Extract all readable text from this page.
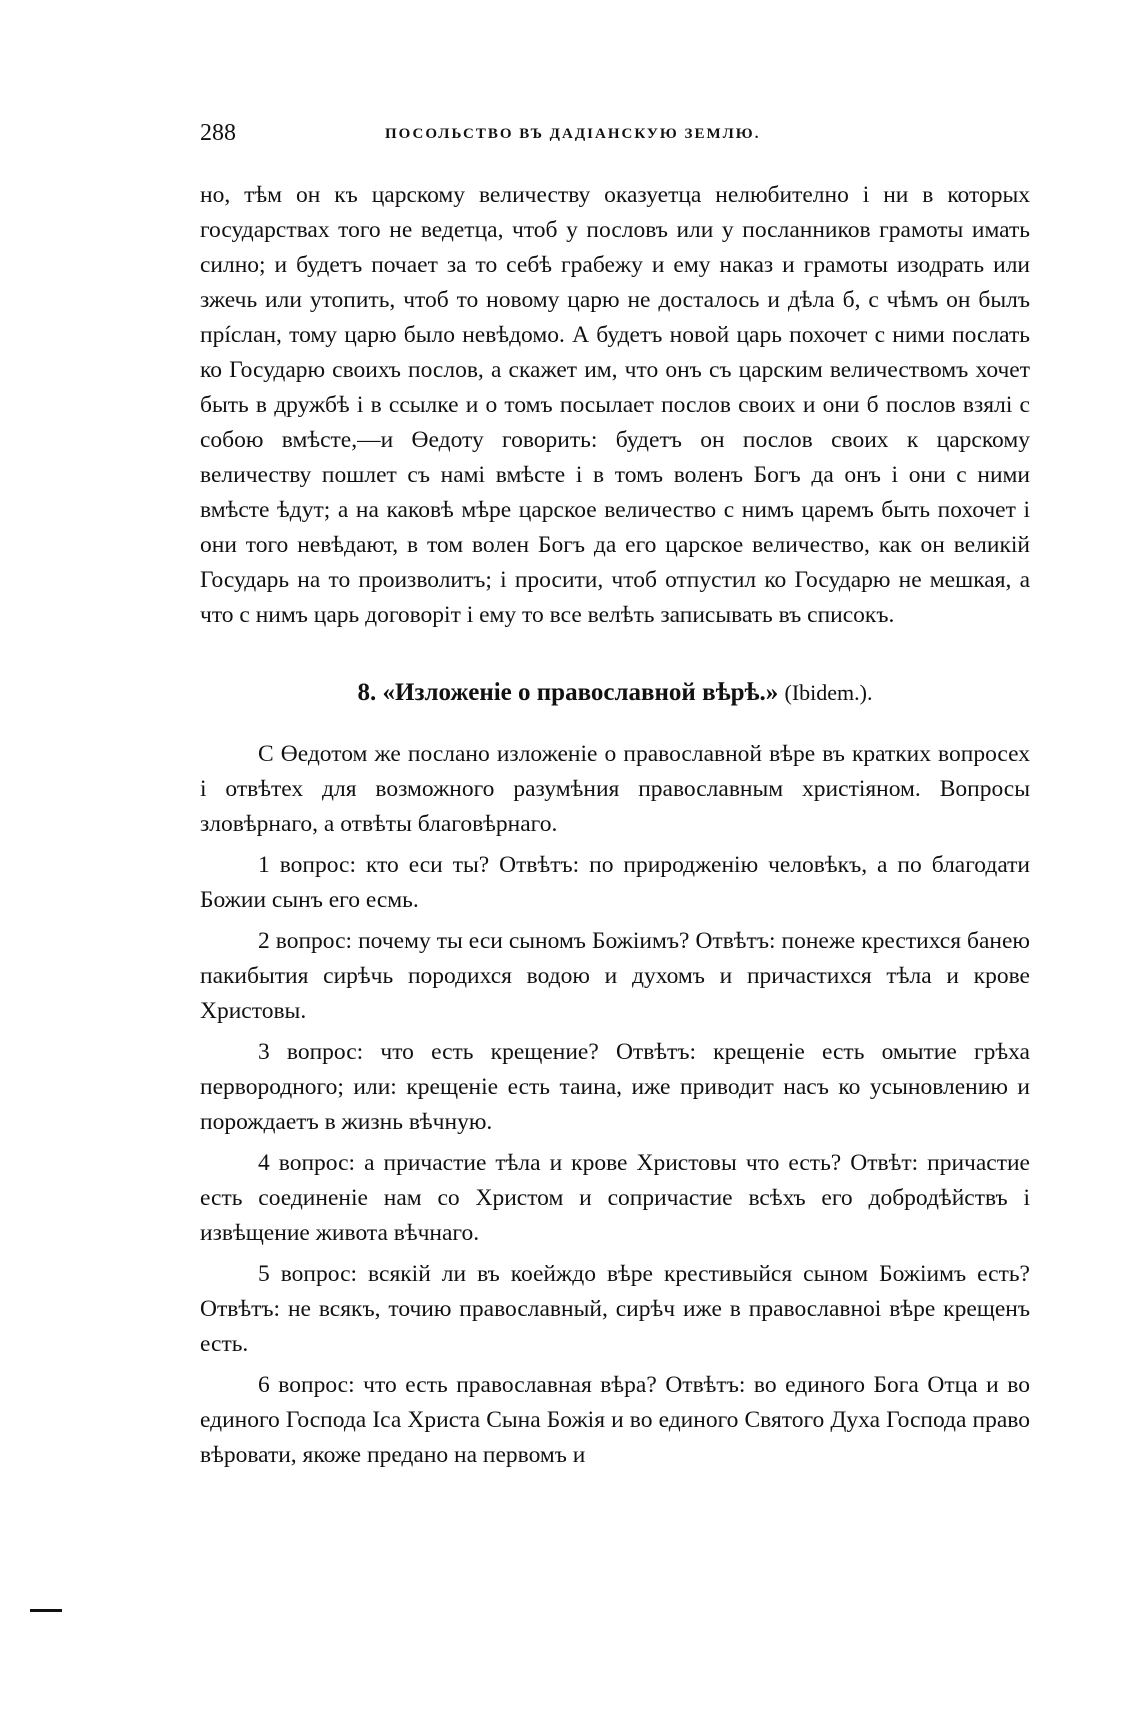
288	ПОСОЛЬСТВО ВЪ ДАДІАНСКУЮ ЗЕМЛЮ.

но, тѣм он къ царскому величеству оказуетца нелюбително і ни в которых государствах того не ведетца, чтоб у пословъ или у посланников грамоты имать силно; и будетъ почает за то себѣ грабежу и ему наказ и грамоты изодрать или зжечь или утопить, чтоб то новому царю не досталось и дѣла б, с чѣмъ он былъ прíслан, тому царю было невѣдомо. А будетъ новой царь похочет с ними послать ко Государю своихъ послов, а скажет им, что онъ съ царским величествомъ хочет быть в дружбѣ і в ссылке и о томъ посылает послов своих и они б послов взялі с собою вмѣсте,—и Өедоту говорить: будетъ он послов своих к царскому величеству пошлет съ намі вмѣсте і в томъ воленъ Богъ да онъ і они с ними вмѣсте ѣдут; а на каковѣ мѣре царское величество с нимъ царемъ быть похочет і они того невѣдают, в том волен Богъ да его царское величество, как он великій Государь на то произволитъ; і просити, чтоб отпустил ко Государю не мешкая, а что с нимъ царь договоріт і ему то все велѣть записывать въ списокъ.

8. «Изложеніе о православной вѣрѣ.» (Ibidem.).

С Өедотом же послано изложеніе о православной вѣре въ кратких вопросех і отвѣтех для возможного разумѣния православным христіяном. Вопросы зловѣрнаго, а отвѣты благовѣрнаго.

1 вопрос: кто еси ты? Отвѣтъ: по природженію человѣкъ, а по благодати Божии сынъ его есмь.

2 вопрос: почему ты еси сыномъ Божіимъ? Отвѣтъ: понеже крестихся банею пакибытия сирѣчь породихся водою и духомъ и причастихся тѣла и крове Христовы.

3 вопрос: что есть крещение? Отвѣтъ: крещеніе есть омытие грѣха первородного; или: крещеніе есть таина, иже приводит насъ ко усыновлению и порождаетъ в жизнь вѣчную.

4 вопрос: а причастие тѣла и крове Христовы что есть? Отвѣт: причастие есть соединеніе нам со Христом и сопричастие всѣхъ его добродѣйствъ і извѣщение живота вѣчнаго.

5 вопрос: всякій ли въ коейждо вѣре крестивыйся сыном Божіимъ есть? Отвѣтъ: не всякъ, точию православный, сирѣч иже в православноі вѣре крещенъ есть.

6 вопрос: что есть православная вѣра? Отвѣтъ: во единого Бога Отца и во единого Господа Іса Христа Сына Божія и во единого Святого Духа Господа право вѣровати, якоже предано на первомъ и
